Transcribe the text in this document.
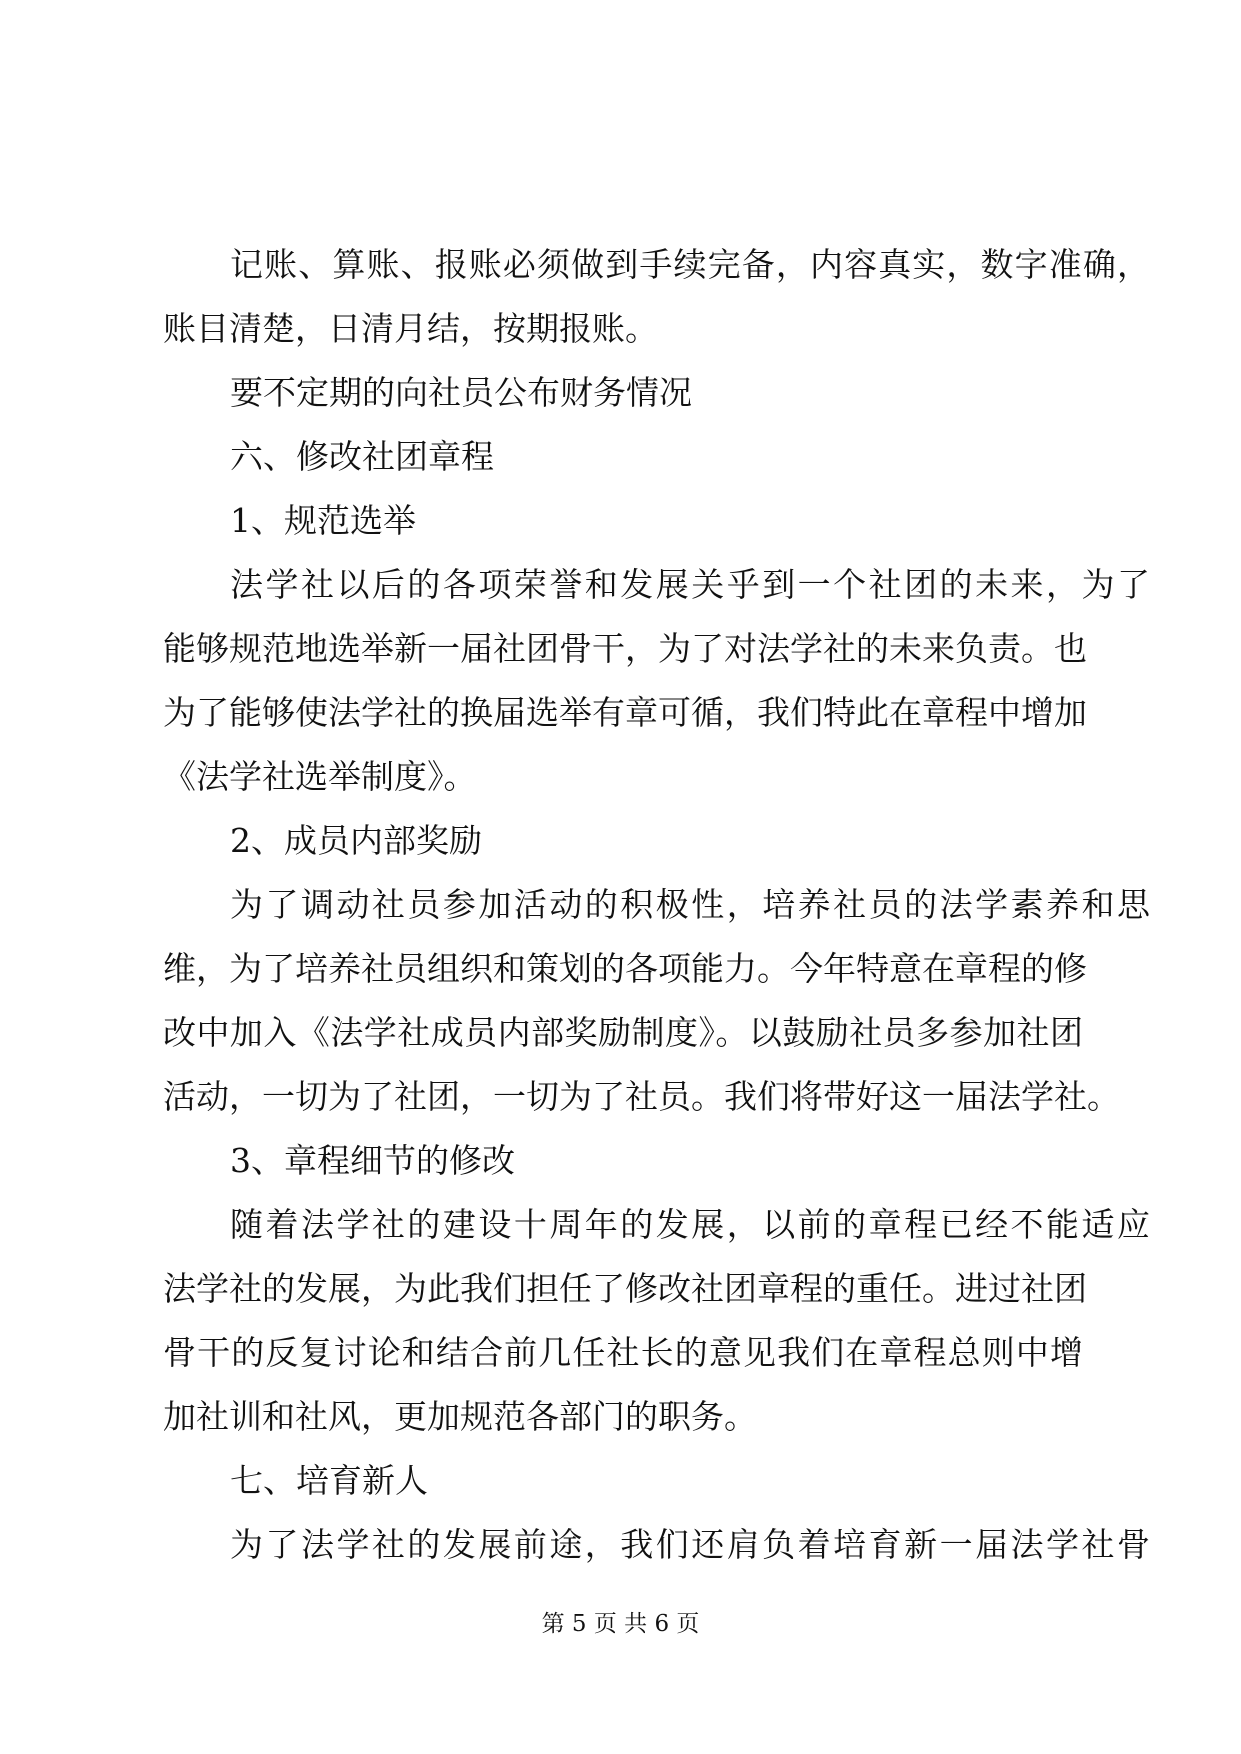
记账、算账、报账必须做到手续完备，内容真实，数字准确，
账目清楚，日清月结，按期报账。
要不定期的向社员公布财务情况
六、修改社团章程
1、规范选举
法学社以后的各项荣誉和发展关乎到一个社团的未来，为了
能够规范地选举新一届社团骨干，为了对法学社的未来负责。也
为了能够使法学社的换届选举有章可循，我们特此在章程中增加
《法学社选举制度》。
2、成员内部奖励
为了调动社员参加活动的积极性，培养社员的法学素养和思
维，为了培养社员组织和策划的各项能力。今年特意在章程的修
改中加入《法学社成员内部奖励制度》。以鼓励社员多参加社团
活动，一切为了社团，一切为了社员。我们将带好这一届法学社。
3、章程细节的修改
随着法学社的建设十周年的发展，以前的章程已经不能适应
法学社的发展，为此我们担任了修改社团章程的重任。进过社团
骨干的反复讨论和结合前几任社长的意见我们在章程总则中增
加社训和社风，更加规范各部门的职务。
七、培育新人
为了法学社的发展前途，我们还肩负着培育新一届法学社骨
第 5 页 共 6 页
